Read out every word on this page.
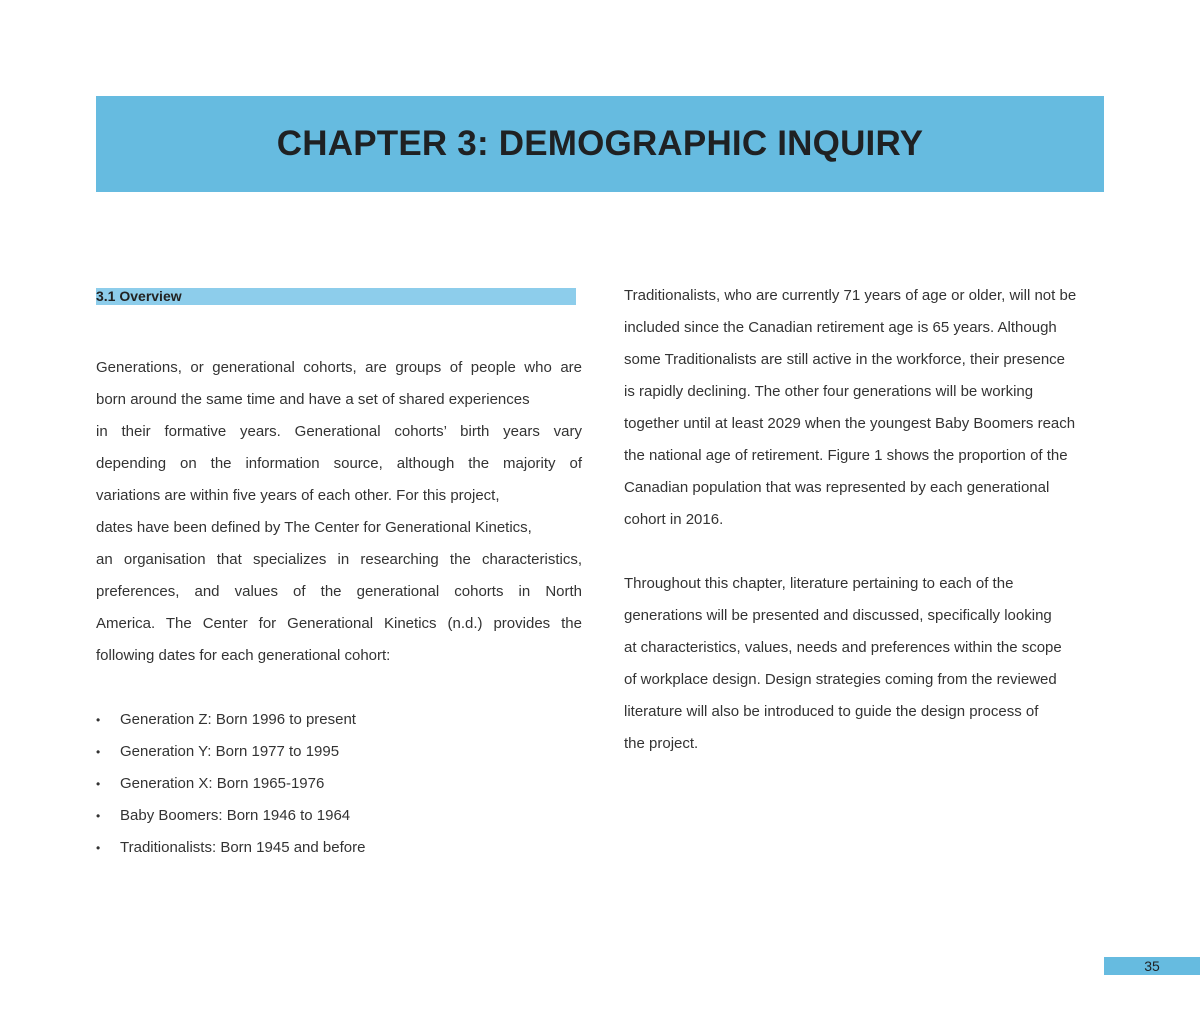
CHAPTER 3: DEMOGRAPHIC INQUIRY
3.1 Overview

Generations, or generational cohorts, are groups of people who are
born around the same time and have a set of shared experiences
in their formative years. Generational cohorts’ birth years vary
depending on the information source, although the majority of
variations are within five years of each other. For this project,
dates have been defined by The Center for Generational Kinetics,
an organisation that specializes in researching the characteristics,
preferences, and values of the generational cohorts in North
America. The Center for Generational Kinetics (n.d.) provides the
following dates for each generational cohort:

• Generation Z: Born 1996 to present
• Generation Y: Born 1977 to 1995
• Generation X: Born 1965-1976
• Baby Boomers: Born 1946 to 1964
• Traditionalists: Born 1945 and before

Traditionalists, who are currently 71 years of age or older, will not be
included since the Canadian retirement age is 65 years. Although
some Traditionalists are still active in the workforce, their presence
is rapidly declining. The other four generations will be working
together until at least 2029 when the youngest Baby Boomers reach
the national age of retirement. Figure 1 shows the proportion of the
Canadian population that was represented by each generational
cohort in 2016.

Throughout this chapter, literature pertaining to each of the
generations will be presented and discussed, specifically looking
at characteristics, values, needs and preferences within the scope
of workplace design. Design strategies coming from the reviewed
literature will also be introduced to guide the design process of
the project.

35
